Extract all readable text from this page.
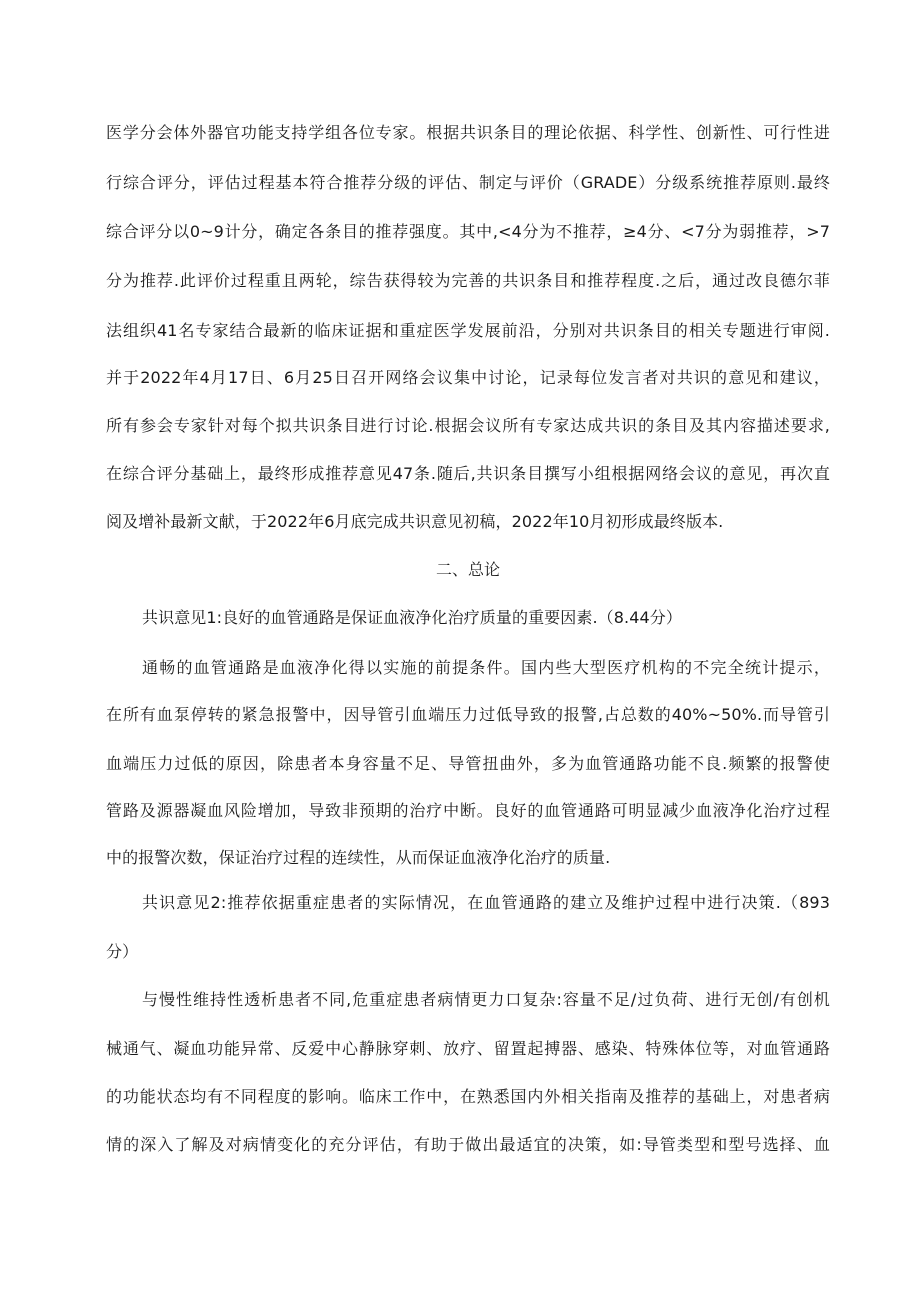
医学分会体外器官功能支持学组各位专家。根据共识条目的理论依据、科学性、创新性、可行性进
行综合评分，评估过程基本符合推荐分级的评估、制定与评价（GRADE）分级系统推荐原则.最终
综合评分以0~9计分，确定各条目的推荐强度。其中,<4分为不推荐，≥4分、<7分为弱推荐，>7
分为推荐.此评价过程重且两轮，综告获得较为完善的共识条目和推荐程度.之后，通过改良德尔菲
法组织41名专家结合最新的临床证据和重症医学发展前沿，分别对共识条目的相关专题进行审阅.
并于2022年4月17日、6月25日召开网络会议集中讨论，记录每位发言者对共识的意见和建议，
所有参会专家针对每个拟共识条目进行讨论.根据会议所有专家达成共识的条目及其内容描述要求,
在综合评分基础上，最终形成推荐意见47条.随后,共识条目撰写小组根据网络会议的意见，再次直
阅及增补最新文献，于2022年6月底完成共识意见初稿，2022年10月初形成最终版本.
二、总论
共识意见1:良好的血管通路是保证血液净化治疗质量的重要因素.（8.44分）
通畅的血管通路是血液净化得以实施的前提条件。国内些大型医疗机构的不完全统计提示，
在所有血泵停转的紧急报警中，因导管引血端压力过低导致的报警,占总数的40%~50%.而导管引
血端压力过低的原因，除患者本身容量不足、导管扭曲外，多为血管通路功能不良.频繁的报警使
管路及源器凝血风险增加，导致非预期的治疗中断。良好的血管通路可明显减少血液净化治疗过程
中的报警次数，保证治疗过程的连续性，从而保证血液净化治疗的质量.
共识意见2:推荐依据重症患者的实际情况，在血管通路的建立及维护过程中进行决策.（893
分）
与慢性维持性透析患者不同,危重症患者病情更力口复杂:容量不足/过负荷、进行无创/有创机
械通气、凝血功能异常、反爱中心静脉穿刺、放疗、留置起搏器、感染、特殊体位等，对血管通路
的功能状态均有不同程度的影响。临床工作中，在熟悉国内外相关指南及推荐的基础上，对患者病
情的深入了解及对病情变化的充分评估，有助于做出最适宜的决策，如:导管类型和型号选择、血
